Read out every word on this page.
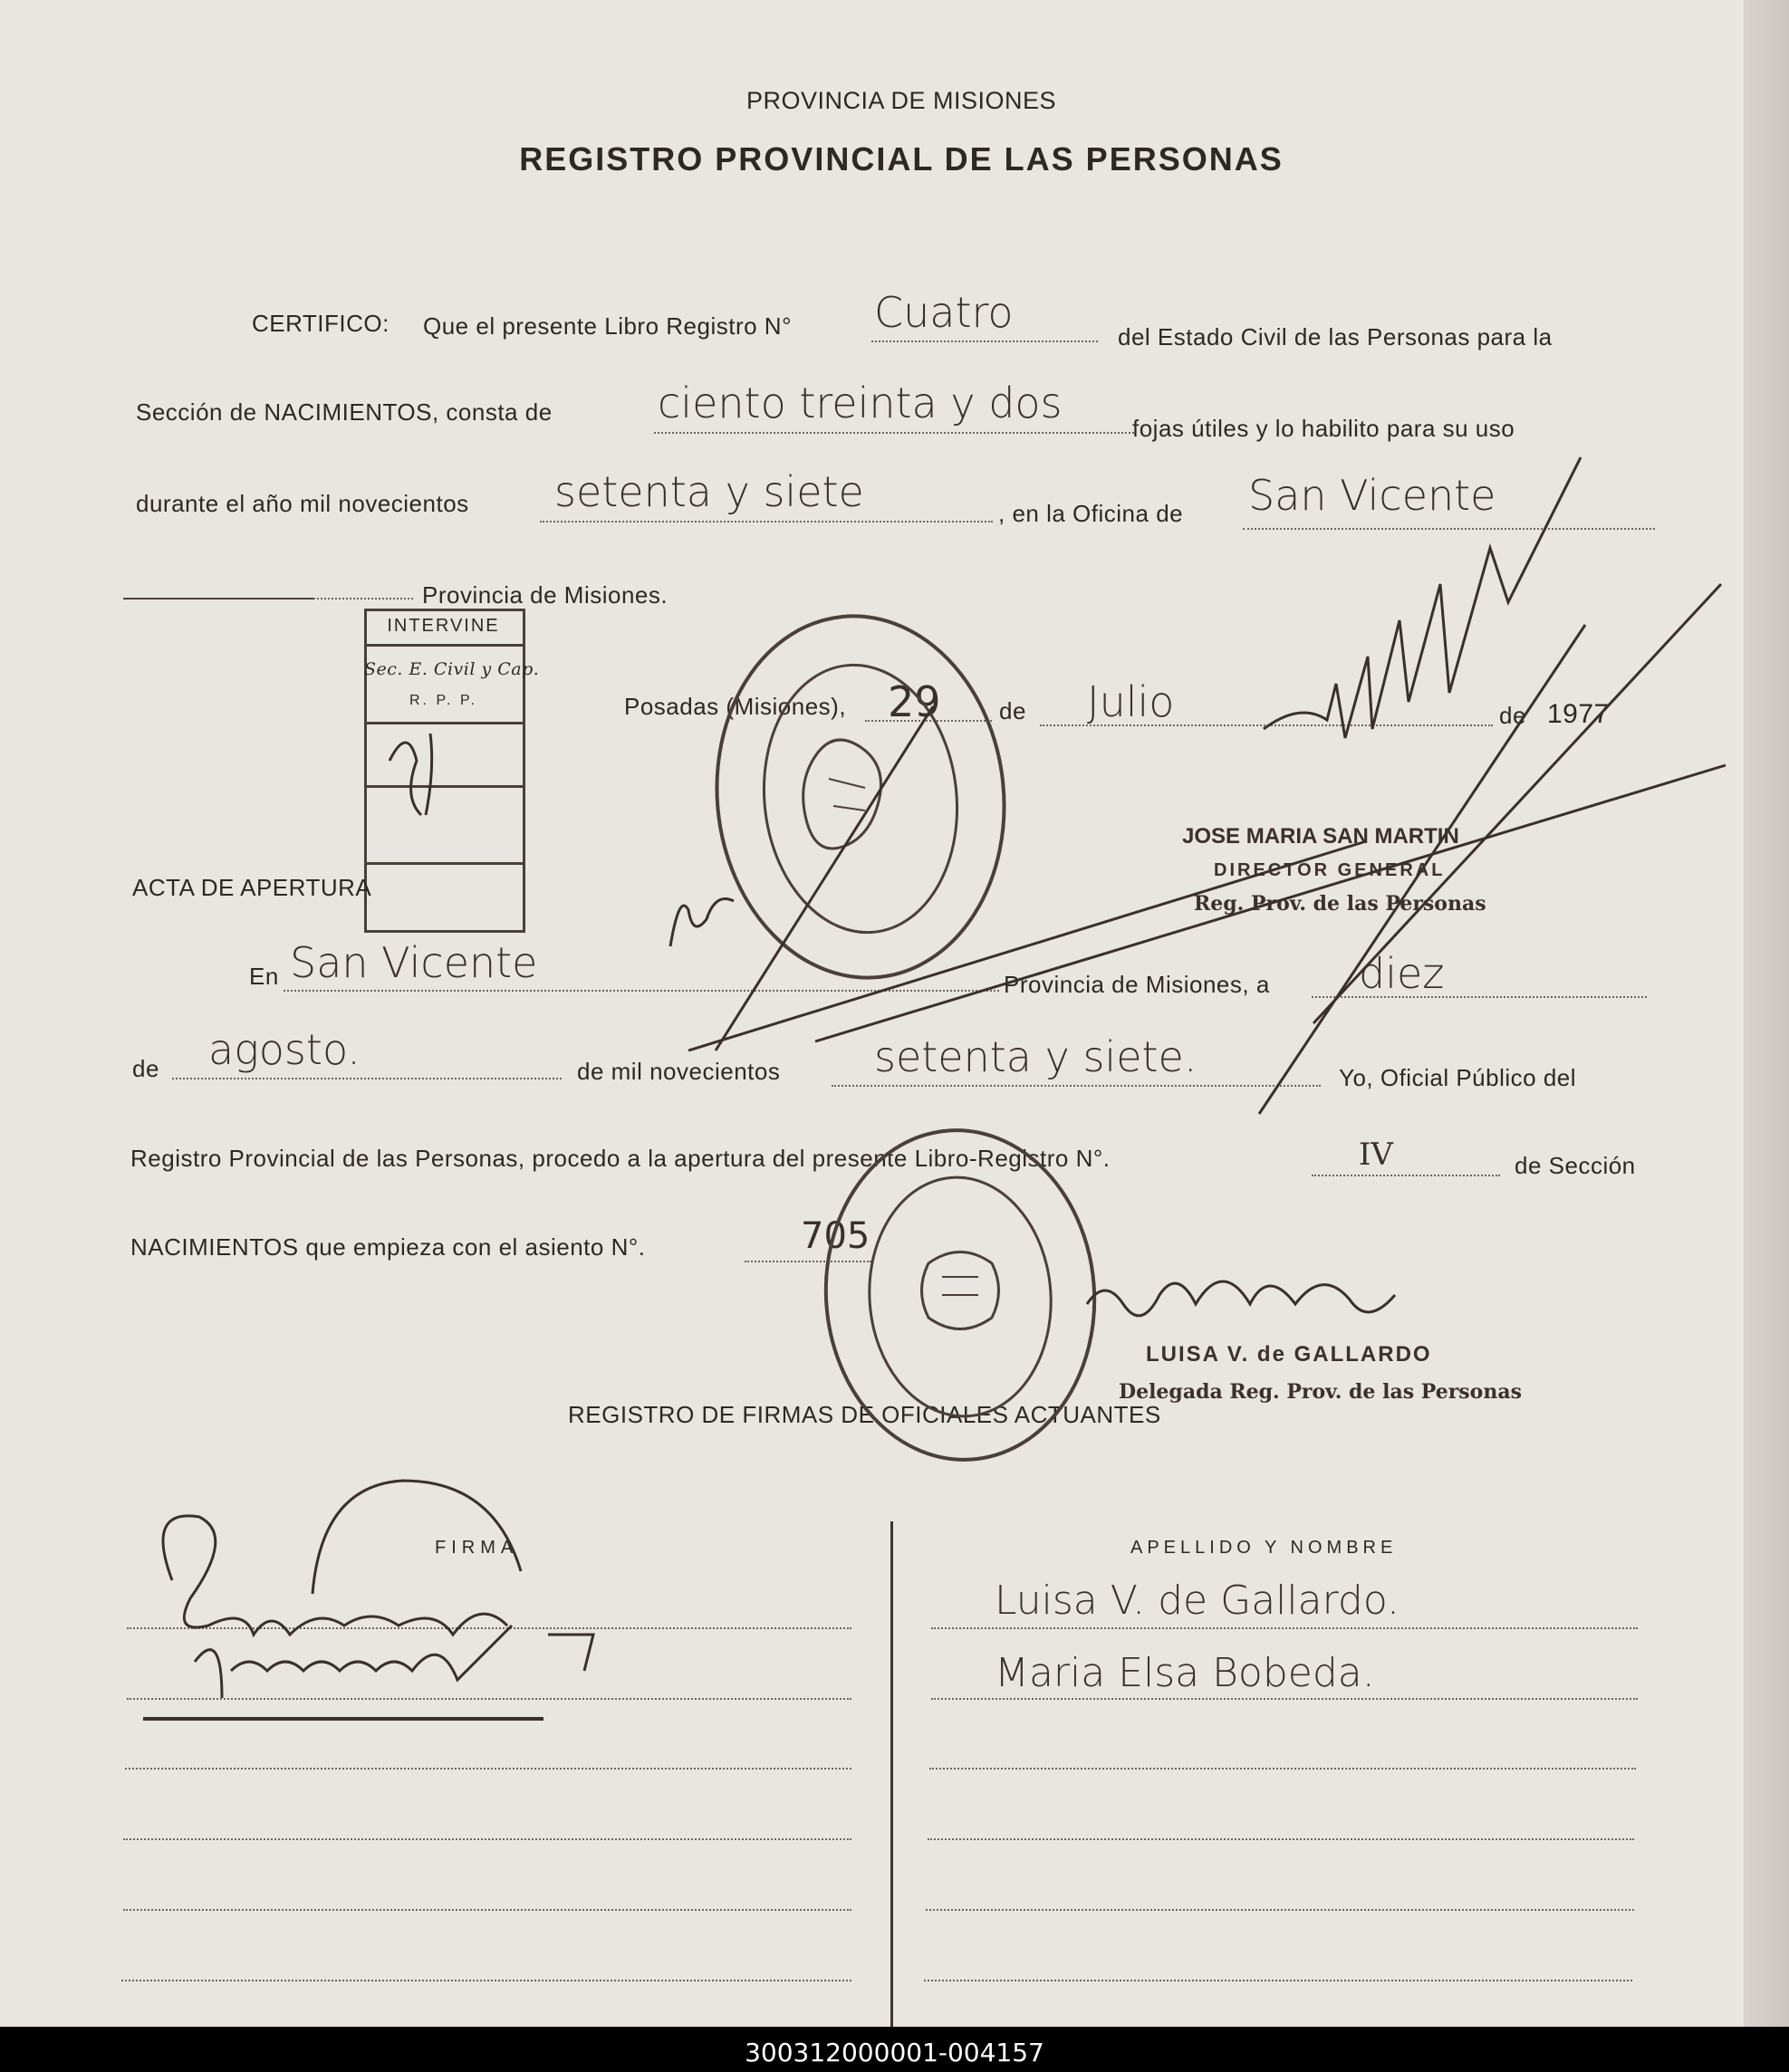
PROVINCIA DE MISIONES
REGISTRO PROVINCIAL DE LAS PERSONAS
CERTIFICO: Que el presente Libro Registro N° Cuatro	del Estado Civil de las Personas para la
Sección de NACIMIENTOS, consta de	ciento treinta y dos
fojas útiles y lo habilito para su uso
durante el año mil novecientos setenta y siete	, en la Oficina de San Vicente
Provincia de Misiones.
Posadas (Misiones), 29 de Julio	de 1977
INTERVINE
Sec. E. Civil y Cap.
R. P. P.
JOSE MARIA SAN MARTIN
DIRECTOR GENERAL
Reg. Prov. de las Personas
ACTA DE APERTURA
En San Vicente	Provincia de Misiones, a diez
de agosto.	de mil novecientos setenta y siete.	Yo, Oficial Público del
Registro Provincial de las Personas, procedo a la apertura del presente Libro-Registro N°.	IV	de Sección
NACIMIENTOS que empieza con el asiento N°.	705
LUISA V. de GALLARDO
Delegada Reg. Prov. de las Personas
REGISTRO DE FIRMAS DE OFICIALES ACTUANTES
FIRMA	APELLIDO Y NOMBRE
Luisa V. de Gallardo.
Maria Elsa Bobeda.
300312000001-004157
